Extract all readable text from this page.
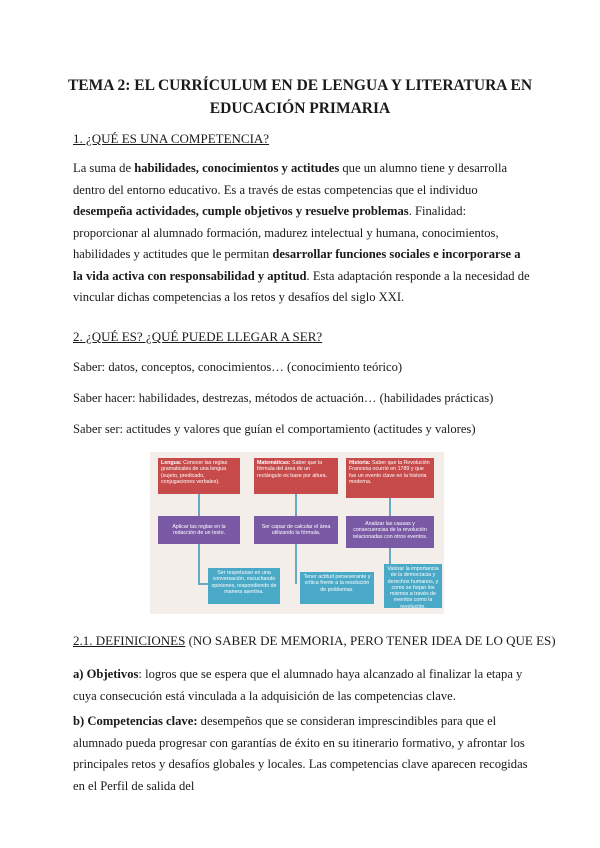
TEMA 2: EL CURRÍCULUM EN DE LENGUA Y LITERATURA EN EDUCACIÓN PRIMARIA
1. ¿QUÉ ES UNA COMPETENCIA?
La suma de habilidades, conocimientos y actitudes que un alumno tiene y desarrolla dentro del entorno educativo. Es a través de estas competencias que el individuo desempeña actividades, cumple objetivos y resuelve problemas. Finalidad: proporcionar al alumnado formación, madurez intelectual y humana, conocimientos, habilidades y actitudes que le permitan desarrollar funciones sociales e incorporarse a la vida activa con responsabilidad y aptitud. Esta adaptación responde a la necesidad de vincular dichas competencias a los retos y desafíos del siglo XXI.
2. ¿QUÉ ES? ¿QUÉ PUEDE LLEGAR A SER?
Saber: datos, conceptos, conocimientos… (conocimiento teórico)
Saber hacer: habilidades, destrezas, métodos de actuación… (habilidades prácticas)
Saber ser: actitudes y valores que guían el comportamiento (actitudes y valores)
Lengua: Conocer las reglas gramaticales de una lengua (sujeto, predicado, conjugaciones verbales).
Aplicar las reglas en la redacción de un texto.
Ser respetuoso en una conversación, escuchando opiniones, respondiendo de manera asertiva.
Matemáticas: Saber que la fórmula del área de un rectángulo es base por altura.
Ser capaz de calcular el área utilizando la fórmula.
Tener actitud perseverante y crítica frente a la resolución de problemas.
Historia: Saber que la Revolución Francesa ocurrió en 1789 y que fue un evento clave en la historia moderna.
Analizar las causas y consecuencias de la revolución relacionadas con otros eventos.
Valorar la importancia de la democracia y derechos humanos, y como se forjan los mismos a través de eventos como la revolución.
2.1. DEFINICIONES (NO SABER DE MEMORIA, PERO TENER IDEA DE LO QUE ES)
a) Objetivos: logros que se espera que el alumnado haya alcanzado al finalizar la etapa y cuya consecución está vinculada a la adquisición de las competencias clave.
b) Competencias clave: desempeños que se consideran imprescindibles para que el alumnado pueda progresar con garantías de éxito en su itinerario formativo, y afrontar los principales retos y desafíos globales y locales. Las competencias clave aparecen recogidas en el Perfil de salida del
